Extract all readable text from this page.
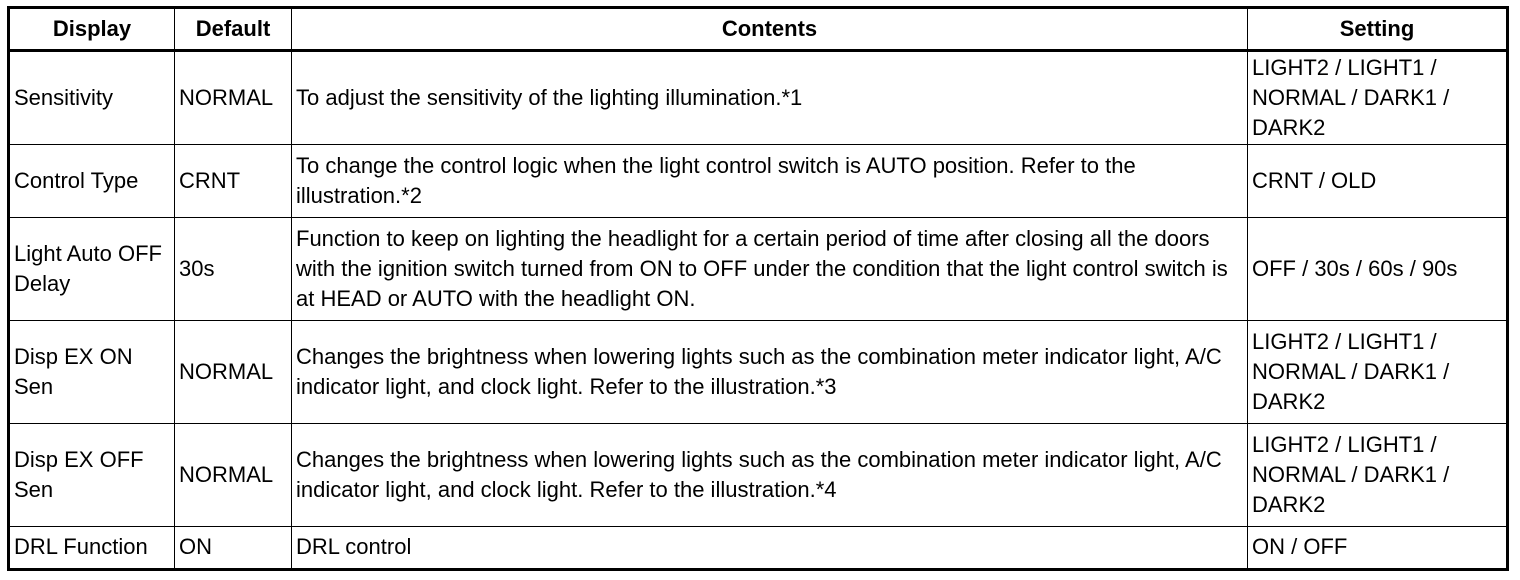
Display	Default	Contents	Setting
Sensitivity	NORMAL	To adjust the sensitivity of the lighting illumination.*1	LIGHT2 / LIGHT1 / NORMAL / DARK1 / DARK2
Control Type	CRNT	To change the control logic when the light control switch is AUTO position. Refer to the illustration.*2	CRNT / OLD
Light Auto OFF Delay	30s	Function to keep on lighting the headlight for a certain period of time after closing all the doors with the ignition switch turned from ON to OFF under the condition that the light control switch is at HEAD or AUTO with the headlight ON.	OFF / 30s / 60s / 90s
Disp EX ON Sen	NORMAL	Changes the brightness when lowering lights such as the combination meter indicator light, A/C indicator light, and clock light. Refer to the illustration.*3	LIGHT2 / LIGHT1 / NORMAL / DARK1 / DARK2
Disp EX OFF Sen	NORMAL	Changes the brightness when lowering lights such as the combination meter indicator light, A/C indicator light, and clock light. Refer to the illustration.*4	LIGHT2 / LIGHT1 / NORMAL / DARK1 / DARK2
DRL Function	ON	DRL control	ON / OFF
